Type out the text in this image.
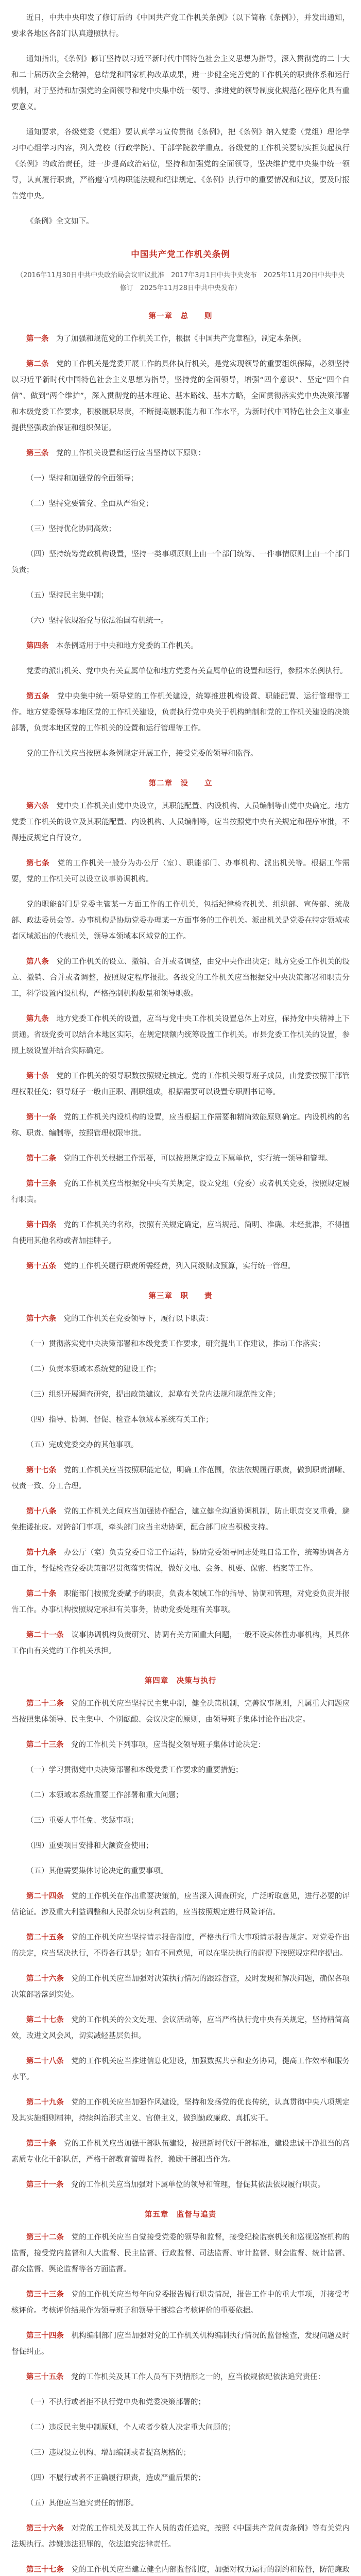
近日，中共中央印发了修订后的《中国共产党工作机关条例》（以下简称《条例》），并发出通知，要求各地区各部门认真遵照执行。

通知指出，《条例》修订坚持以习近平新时代中国特色社会主义思想为指导，深入贯彻党的二十大和二十届历次全会精神，总结党和国家机构改革成果，进一步健全完善党的工作机关的职责体系和运行机制，对于坚持和加强党的全面领导和党中央集中统一领导、推进党的领导制度化规范化程序化具有重要意义。

通知要求，各级党委（党组）要认真学习宣传贯彻《条例》，把《条例》纳入党委（党组）理论学习中心组学习内容，列入党校（行政学院）、干部学院教学重点。各级党的工作机关要切实担负起执行《条例》的政治责任，进一步提高政治站位，坚持和加强党的全面领导，坚决维护党中央集中统一领导，认真履行职责，严格遵守机构职能法规和纪律规定。《条例》执行中的重要情况和建议，要及时报告党中央。

《条例》全文如下。

中国共产党工作机关条例
（2016年11月30日中共中央政治局会议审议批准　2017年3月1日中共中央发布　2025年11月20日中共中央修订　2025年11月28日中共中央发布）
第一章　总　　则

第一条　 为了加强和规范党的工作机关工作，根据《中国共产党章程》，制定本条例。

第二条　 党的工作机关是党委开展工作的具体执行机关，是党实现领导的重要组织保障，必须坚持以习近平新时代中国特色社会主义思想为指导，坚持党的全面领导，增强“四个意识”、坚定“四个自信”、做到“两个维护”，深入贯彻党的基本理论、基本路线、基本方略，全面贯彻落实党中央决策部署和本级党委工作要求，积极履职尽责，不断提高履职能力和工作水平，为新时代中国特色社会主义事业提供坚强政治保证和组织保证。

第三条　 党的工作机关设置和运行应当坚持以下原则：

（一）坚持和加强党的全面领导；

（二）坚持党要管党、全面从严治党；

（三）坚持优化协同高效；

（四）坚持统筹党政机构设置，坚持一类事项原则上由一个部门统筹、一件事情原则上由一个部门负责；

（五）坚持民主集中制；

（六）坚持依规治党与依法治国有机统一。

第四条　 本条例适用于中央和地方党委的工作机关。

党委的派出机关、党中央有关直属单位和地方党委有关直属单位的设置和运行，参照本条例执行。

第五条　 党中央集中统一领导党的工作机关建设，统筹推进机构设置、职能配置、运行管理等工作。地方党委领导本地区党的工作机关建设，负责执行党中央关于机构编制和党的工作机关建设的决策部署，负责本地区党的工作机关的设置和运行管理等工作。

党的工作机关应当按照本条例规定开展工作，接受党委的领导和监督。

第二章　设　　立

第六条　 党中央工作机关由党中央设立，其职能配置、内设机构、人员编制等由党中央确定。地方党委工作机关的设立及其职能配置、内设机构、人员编制等，应当按照党中央有关规定和程序审批，不得违反规定自行设立。

第七条　 党的工作机关一般分为办公厅（室）、职能部门、办事机构、派出机关等。根据工作需要，党的工作机关可以设立议事协调机构。

党的职能部门是党委主管某一方面工作的工作机关，包括纪律检查机关、组织部、宣传部、统战部、政法委员会等。办事机构是协助党委办理某一方面事务的工作机关。派出机关是党委在特定领域或者区域派出的代表机关，领导本领域本区域党的工作。

第八条　 党的工作机关的设立、撤销、合并或者调整，由党中央作出决定；地方党委工作机关的设立、撤销、合并或者调整，按照规定程序报批。各级党的工作机关应当根据党中央决策部署和职责分工，科学设置内设机构，严格控制机构数量和领导职数。

第九条　 地方党委工作机关的设置，应当与党中央工作机关设置总体上对应，保持党中央精神上下贯通。省级党委可以结合本地区实际，在规定限额内统筹设置工作机关。市县党委工作机关的设置，参照上级设置并结合实际确定。

第十条　 党的工作机关的领导职数按照规定核定。党的工作机关领导班子成员，由党委按照干部管理权限任免；领导班子一般由正职、副职组成，根据需要可以设置专职副书记等。

第十一条　 党的工作机关内设机构的设置，应当根据工作需要和精简效能原则确定。内设机构的名称、职责、编制等，按照管理权限审批。

第十二条　 党的工作机关根据工作需要，可以按照规定设立下属单位，实行统一领导和管理。

第十三条　 党的工作机关应当根据党中央有关规定，设立党组（党委）或者机关党委，按照规定履行职责。

第十四条　 党的工作机关的名称，按照有关规定确定，应当规范、简明、准确。未经批准，不得擅自使用其他名称或者加挂牌子。

第十五条　 党的工作机关履行职责所需经费，列入同级财政预算，实行统一管理。

第三章　职　　责

第十六条　 党的工作机关在党委领导下，履行以下职责：

（一）贯彻落实党中央决策部署和本级党委工作要求，研究提出工作建议，推动工作落实；

（二）负责本领域本系统党的建设工作；

（三）组织开展调查研究，提出政策建议，起草有关党内法规和规范性文件；

（四）指导、协调、督促、检查本领域本系统有关工作；

（五）完成党委交办的其他事项。

第十七条　 党的工作机关应当按照职能定位，明确工作范围，依法依规履行职责，做到职责清晰、权责一致、分工合理。

第十八条　 党的工作机关之间应当加强协作配合，建立健全沟通协调机制，防止职责交叉重叠，避免推诿扯皮。对跨部门事项，牵头部门应当主动协调，配合部门应当积极支持。

第十九条　 办公厅（室）负责党委日常工作运转，协助党委领导同志处理日常工作，统筹协调各方面工作，督促检查党委决策部署贯彻落实情况，做好文电、会务、机要、保密、档案等工作。

第二十条　 职能部门按照党委赋予的职责，负责本领域工作的指导、协调和管理，对党委负责并报告工作。办事机构按照规定承担有关事务，协助党委处理有关事项。

第二十一条　 议事协调机构负责研究、协调有关方面重大问题，一般不设实体性办事机构，其具体工作由有关党的工作机关承担。

第四章　决策与执行

第二十二条　 党的工作机关应当坚持民主集中制，健全决策机制，完善议事规则，凡属重大问题应当按照集体领导、民主集中、个别酝酿、会议决定的原则，由领导班子集体讨论作出决定。

第二十三条　 党的工作机关下列事项，应当提交领导班子集体讨论决定：

（一）学习贯彻党中央决策部署和本级党委工作要求的重要措施；

（二）本领域本系统重要工作部署和重大问题；

（三）重要人事任免、奖惩事项；

（四）重要项目安排和大额资金使用；

（五）其他需要集体讨论决定的重要事项。

第二十四条　 党的工作机关在作出重要决策前，应当深入调查研究，广泛听取意见，进行必要的评估论证。涉及重大利益调整和人民群众切身利益的，应当按照规定进行风险评估。

第二十五条　 党的工作机关应当坚持请示报告制度，严格执行重大事项请示报告规定。对党委作出的决定，应当坚决执行，不得各行其是；如有不同意见，可以在坚决执行的前提下按照规定程序提出。

第二十六条　 党的工作机关应当加强对决策执行情况的跟踪督查，及时发现和解决问题，确保各项决策部署落到实处。

第二十七条　 党的工作机关的公文处理、会议活动等，应当严格执行党中央有关规定，坚持精简高效，改进文风会风，切实减轻基层负担。

第二十八条　 党的工作机关应当推进信息化建设，加强数据共享和业务协同，提高工作效率和服务水平。

第二十九条　 党的工作机关应当加强作风建设，坚持和发扬党的优良传统，认真贯彻中央八项规定及其实施细则精神，持续纠治形式主义、官僚主义，做到勤政廉政、真抓实干。

第三十条　 党的工作机关应当加强干部队伍建设，按照新时代好干部标准，建设忠诚干净担当的高素质专业化干部队伍，严格干部教育管理监督，激励干部担当作为。

第三十一条　 党的工作机关应当加强对下属单位的领导和管理，督促其依法依规履行职责。

第五章　监督与追责

第三十二条　 党的工作机关应当自觉接受党委的领导和监督，接受纪检监察机关和巡视巡察机构的监督，接受党内监督和人大监督、民主监督、行政监督、司法监督、审计监督、财会监督、统计监督、群众监督、舆论监督等各方面监督。

第三十三条　 党的工作机关应当每年向党委报告履行职责情况，报告工作中的重大事项，并接受考核评价。考核评价结果作为领导班子和领导干部综合考核评价的重要依据。

第三十四条　 机构编制部门应当加强对党的工作机关机构编制执行情况的监督检查，发现问题及时督促纠正。

第三十五条　 党的工作机关及其工作人员有下列情形之一的，应当依规依纪依法追究责任：

（一）不执行或者拒不执行党中央和党委决策部署的；

（二）违反民主集中制原则，个人或者少数人决定重大问题的；

（三）违规设立机构、增加编制或者提高规格的；

（四）不履行或者不正确履行职责，造成严重后果的；

（五）其他应当追究责任的情形。

第三十六条　 对党的工作机关及其工作人员的责任追究，按照《中国共产党问责条例》等有关党内法规执行。涉嫌违法犯罪的，依法追究法律责任。

第三十七条　 党的工作机关应当建立健全内部监督制度，加强对权力运行的制约和监督，防范廉政
